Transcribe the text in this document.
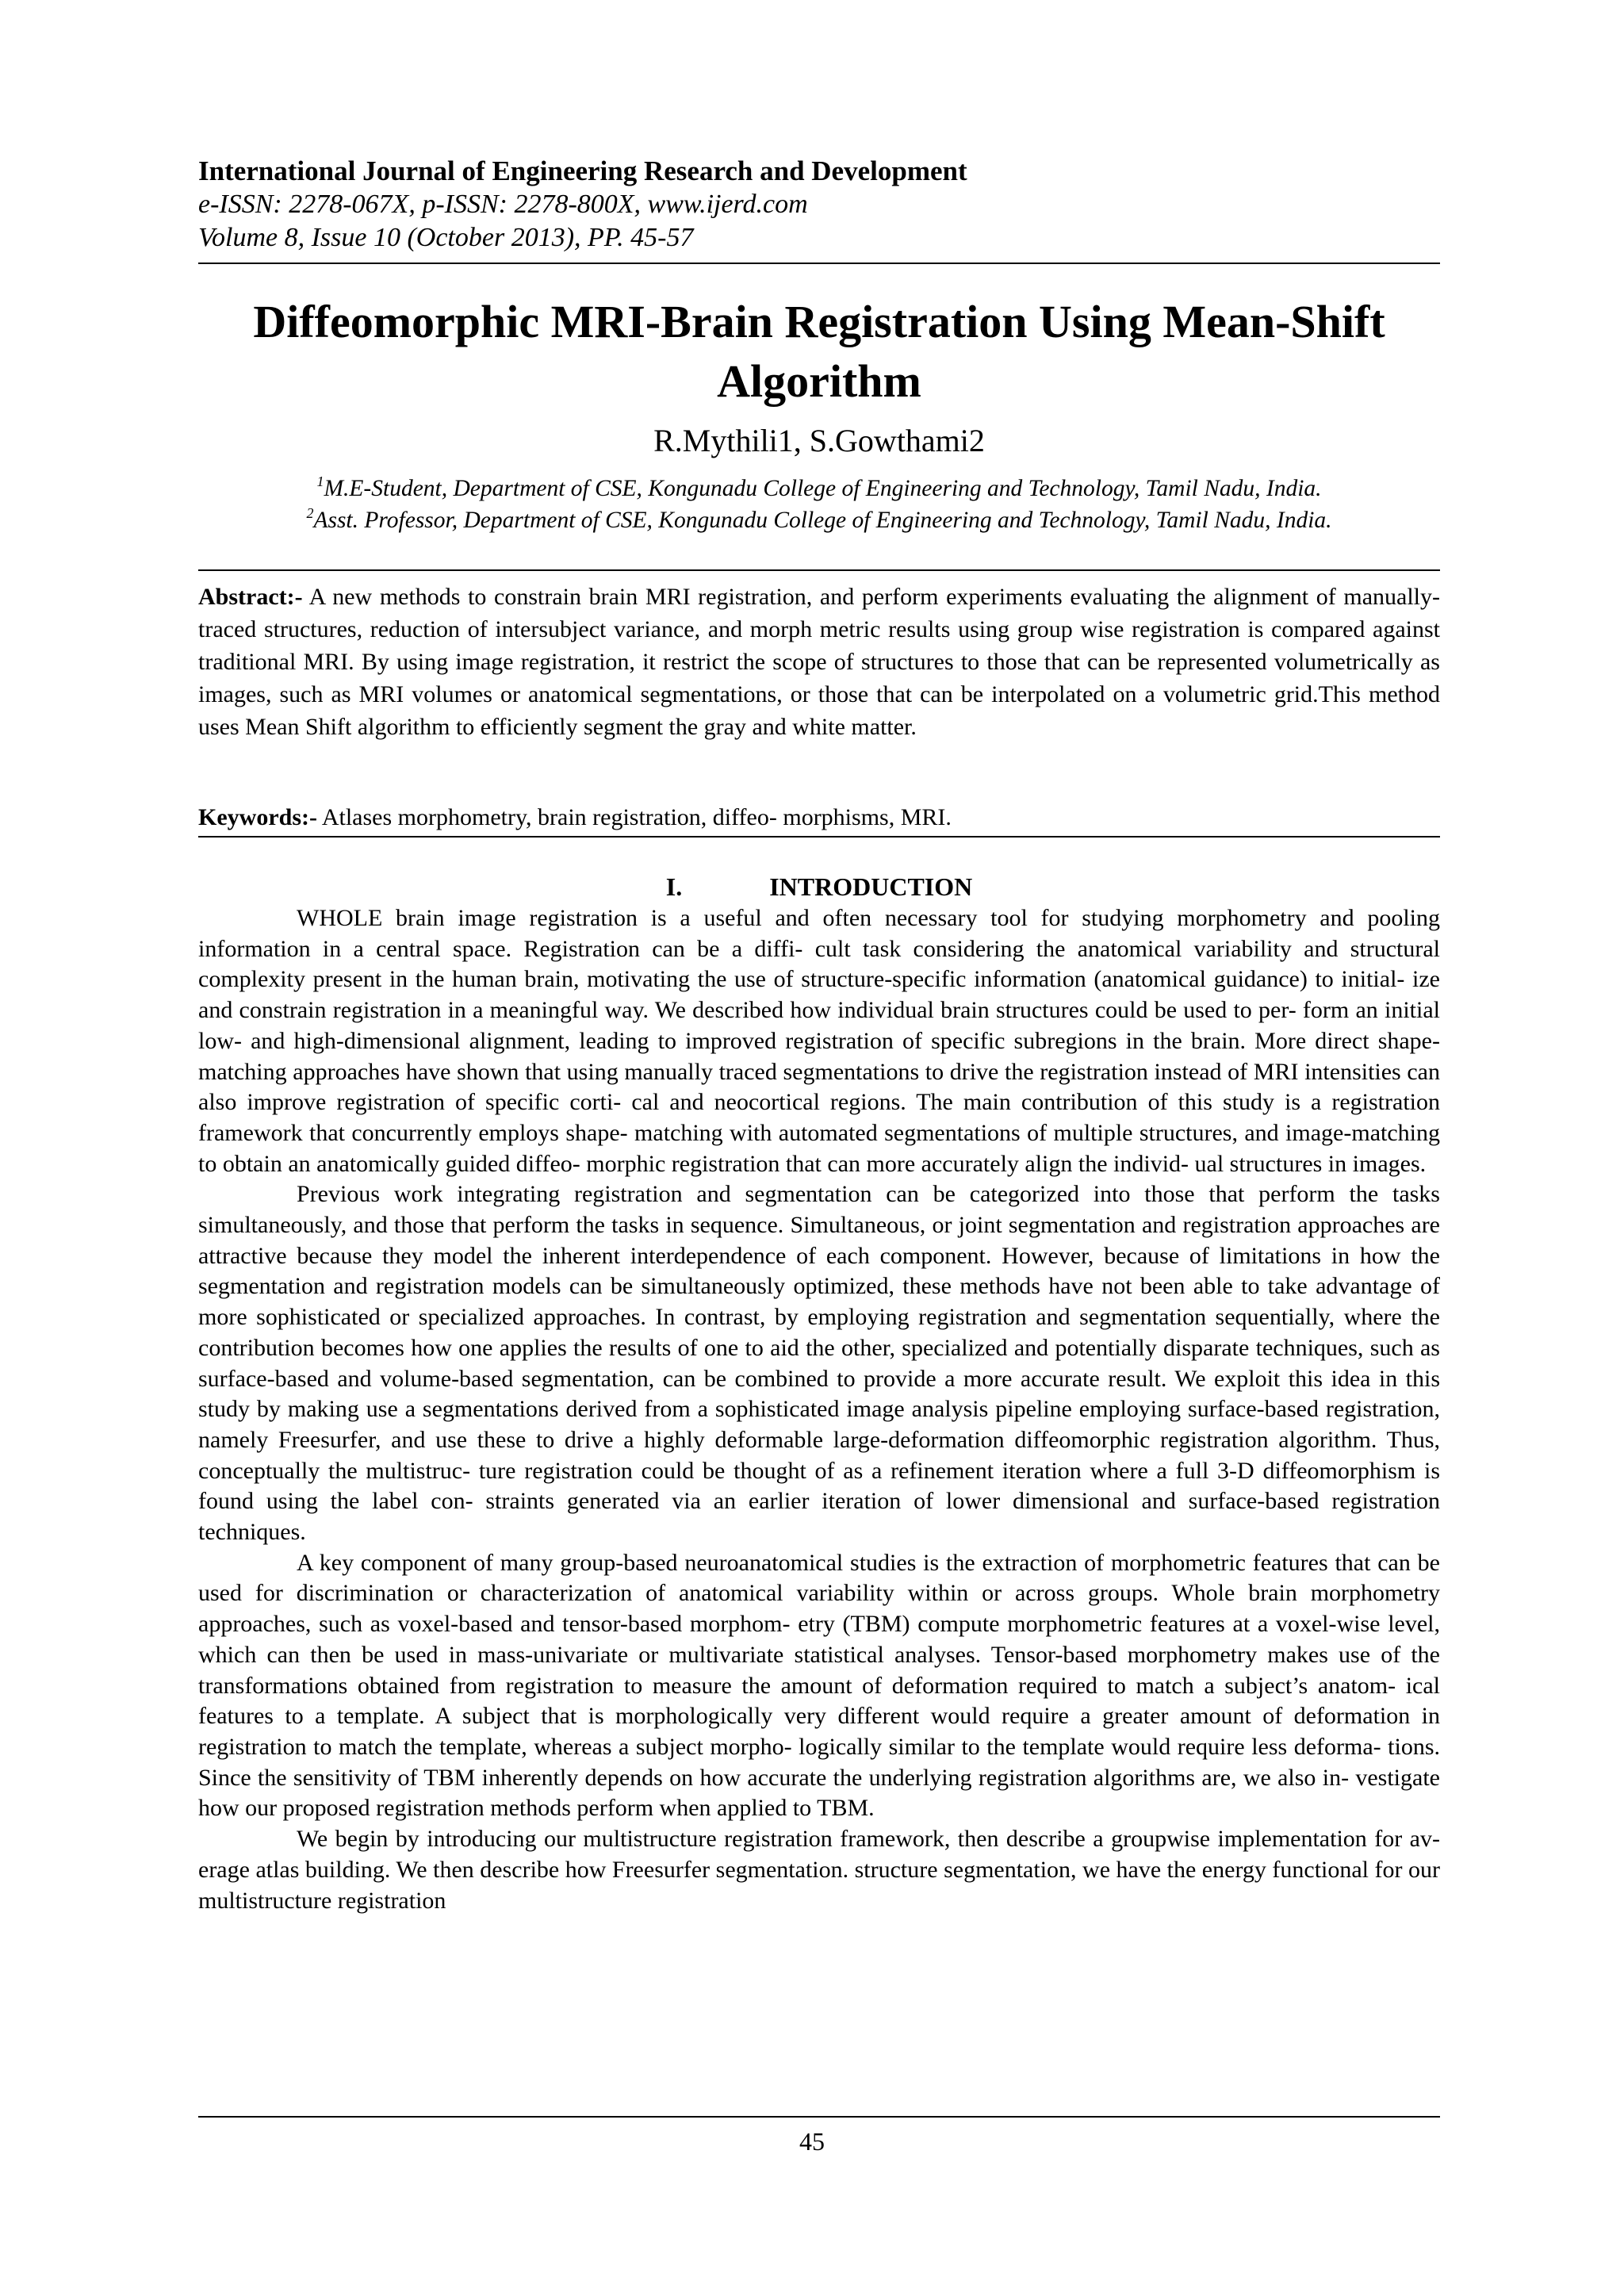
International Journal of Engineering Research and Development
e-ISSN: 2278-067X, p-ISSN: 2278-800X, www.ijerd.com
Volume 8, Issue 10 (October 2013), PP. 45-57
Diffeomorphic MRI-Brain Registration Using Mean-Shift
Algorithm
R.Mythili1, S.Gowthami2
$^1$M.E-Student, Department of CSE, Kongunadu College of Engineering and Technology, Tamil Nadu, India.
$^2$Asst. Professor, Department of CSE, Kongunadu College of Engineering and Technology, Tamil Nadu, India.
Abstract:- A new methods to constrain brain MRI registration, and perform experiments evaluating the alignment of manually-traced structures, reduction of intersubject variance, and morph metric results using group wise registration is compared against traditional MRI. By using image registration, it restrict the scope of structures to those that can be represented volumetrically as images, such as MRI volumes or anatomical segmentations, or those that can be interpolated on a volumetric grid.This method uses Mean Shift algorithm to efficiently segment the gray and white matter.
Keywords:- Atlases morphometry, brain registration, diffeo- morphisms, MRI.
I.	INTRODUCTION

WHOLE brain image registration is a useful and often necessary tool for studying morphometry and pooling information in a central space. Registration can be a diffi- cult task considering the anatomical variability and structural complexity present in the human brain, motivating the use of structure-specific information (anatomical guidance) to initial- ize and constrain registration in a meaningful way. We described how individual brain structures could be used to per- form an initial low- and high-dimensional alignment, leading to improved registration of specific subregions in the brain. More direct shape-matching approaches have shown that using manually traced segmentations to drive the registration instead of MRI intensities can also improve registration of specific corti- cal and neocortical regions. The main contribution of this study is a registration framework that concurrently employs shape- matching with automated segmentations of multiple structures, and image-matching to obtain an anatomically guided diffeo- morphic registration that can more accurately align the individ- ual structures in images.

Previous work integrating registration and segmentation can be categorized into those that perform the tasks simultaneously, and those that perform the tasks in sequence. Simultaneous, or joint segmentation and registration approaches are attractive because they model the inherent interdependence of each component. However, because of limitations in how the segmentation and registration models can be simultaneously optimized, these methods have not been able to take advantage of more sophisticated or specialized approaches. In contrast, by employing registration and segmentation sequentially, where the contribution becomes how one applies the results of one to aid the other, specialized and potentially disparate techniques, such as surface-based and volume-based segmentation, can be combined to provide a more accurate result. We exploit this idea in this study by making use a segmentations derived from a sophisticated image analysis pipeline employing surface-based registration, namely Freesurfer, and use these to drive a highly deformable large-deformation diffeomorphic registration algorithm. Thus, conceptually the multistruc- ture registration could be thought of as a refinement iteration where a full 3-D diffeomorphism is found using the label con- straints generated via an earlier iteration of lower dimensional and surface-based registration techniques.

A key component of many group-based neuroanatomical studies is the extraction of morphometric features that can be used for discrimination or characterization of anatomical variability within or across groups. Whole brain morphometry approaches, such as voxel-based and tensor-based morphom- etry (TBM) compute morphometric features at a voxel-wise level, which can then be used in mass-univariate or multivariate statistical analyses. Tensor-based morphometry makes use of the transformations obtained from registration to measure the amount of deformation required to match a subject’s anatom- ical features to a template. A subject that is morphologically very different would require a greater amount of deformation in registration to match the template, whereas a subject morpho- logically similar to the template would require less deforma- tions. Since the sensitivity of TBM inherently depends on how accurate the underlying registration algorithms are, we also in- vestigate how our proposed registration methods perform when applied to TBM.

We begin by introducing our multistructure registration framework, then describe a groupwise implementation for av- erage atlas building. We then describe how Freesurfer segmentation. structure segmentation, we have the energy functional for our multistructure registration

45
